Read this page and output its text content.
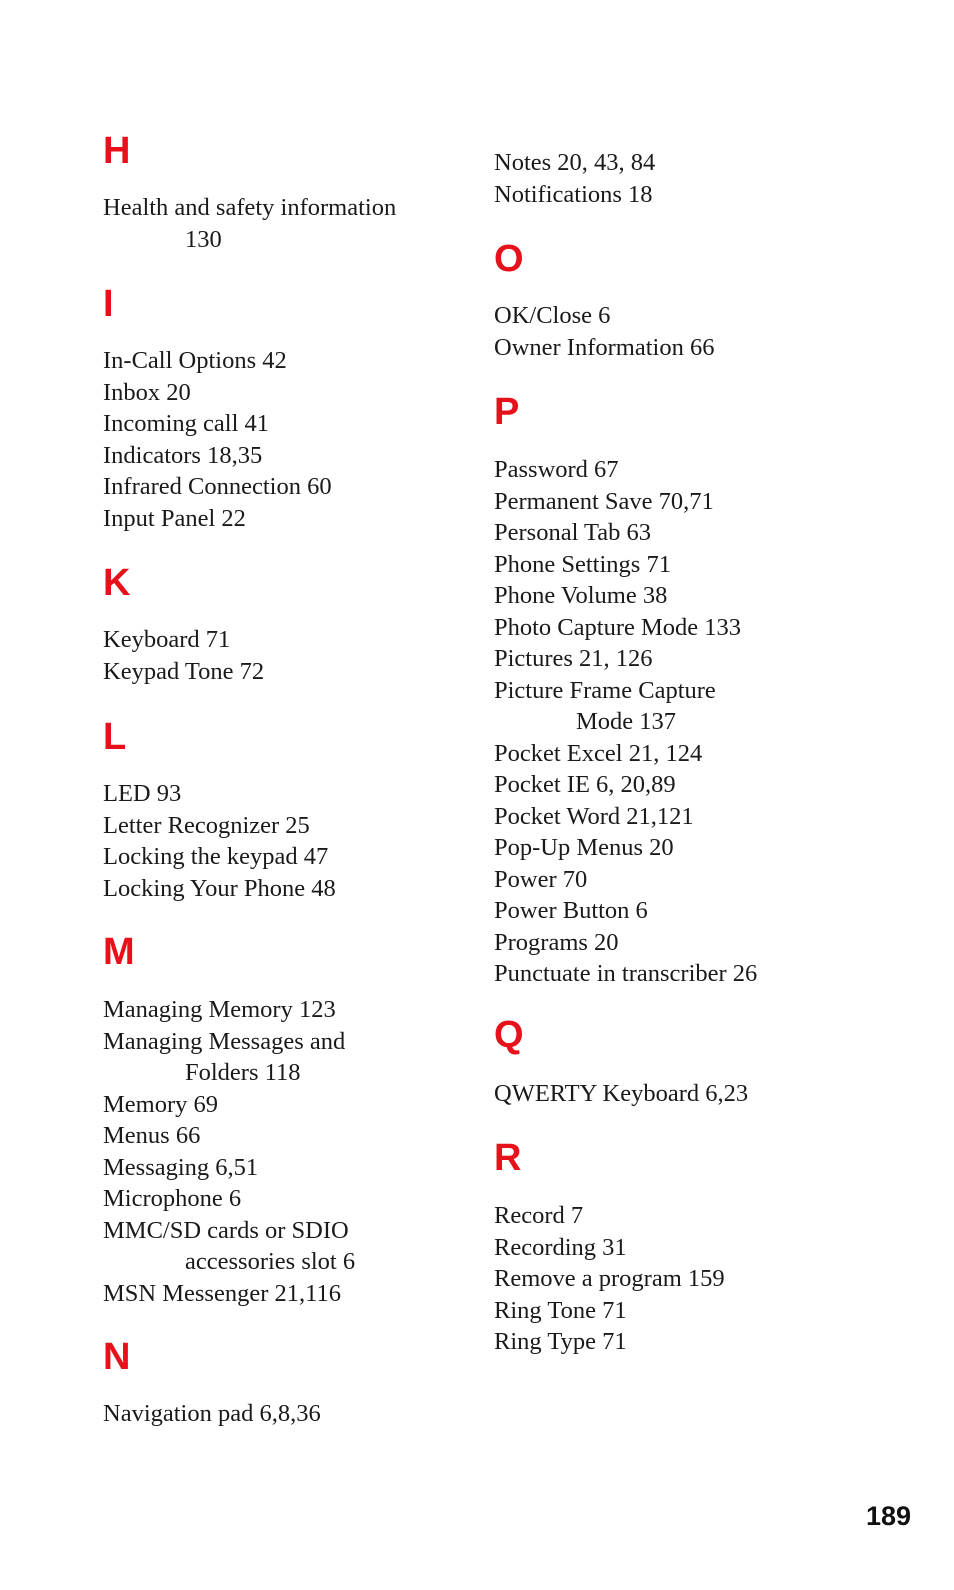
H
Health and safety information
130
I
In-Call Options 42
Inbox 20
Incoming call 41
Indicators 18,35
Infrared Connection 60
Input Panel 22
K
Keyboard 71
Keypad Tone 72
L
LED 93
Letter Recognizer 25
Locking the keypad 47
Locking Your Phone 48
M
Managing Memory 123
Managing Messages and
Folders 118
Memory 69
Menus 66
Messaging 6,51
Microphone 6
MMC/SD cards or SDIO
accessories slot 6
MSN Messenger 21,116
N
Navigation pad 6,8,36
Notes 20, 43, 84
Notifications 18
O
OK/Close 6
Owner Information 66
P
Password 67
Permanent Save 70,71
Personal Tab 63
Phone Settings 71
Phone Volume 38
Photo Capture Mode 133
Pictures 21, 126
Picture Frame Capture
Mode 137
Pocket Excel 21, 124
Pocket IE 6, 20,89
Pocket Word 21,121
Pop-Up Menus 20
Power 70
Power Button 6
Programs 20
Punctuate in transcriber 26
Q
QWERTY Keyboard 6,23
R
Record 7
Recording 31
Remove a program 159
Ring Tone 71
Ring Type 71
189
